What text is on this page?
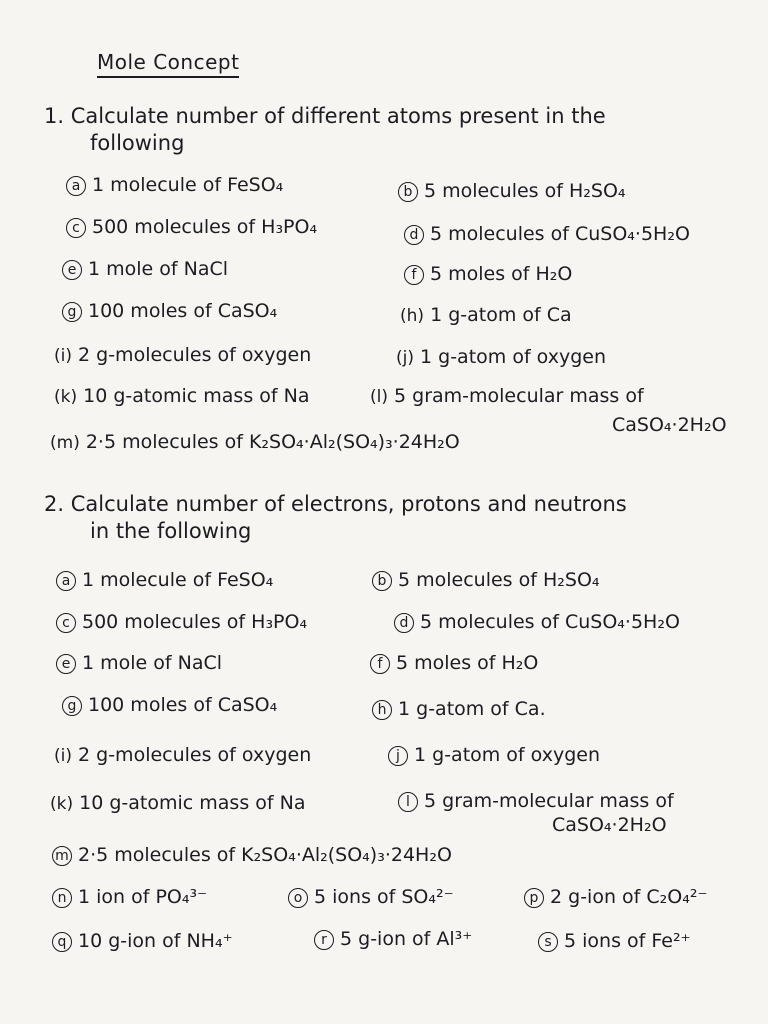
Mole Concept
1. Calculate number of different atoms present in the
following
a 1 molecule of FeSO₄	b 5 molecules of H₂SO₄
c 500 molecules of H₃PO₄	d 5 molecules of CuSO₄·5H₂O
e 1 mole of NaCl	f 5 moles of H₂O
g 100 moles of CaSO₄	(h) 1 g-atom of Ca
(i) 2 g-molecules of oxygen	(j) 1 g-atom of oxygen
(k) 10 g-atomic mass of Na	(l) 5 gram-molecular mass of
CaSO₄·2H₂O
(m) 2·5 molecules of K₂SO₄·Al₂(SO₄)₃·24H₂O
2. Calculate number of electrons, protons and neutrons
in the following
a 1 molecule of FeSO₄	b 5 molecules of H₂SO₄
c 500 molecules of H₃PO₄	d 5 molecules of CuSO₄·5H₂O
e 1 mole of NaCl	f 5 moles of H₂O
g 100 moles of CaSO₄	h 1 g-atom of Ca.
(i) 2 g-molecules of oxygen	j 1 g-atom of oxygen
(k) 10 g-atomic mass of Na	l 5 gram-molecular mass of
CaSO₄·2H₂O
m 2·5 molecules of K₂SO₄·Al₂(SO₄)₃·24H₂O
n 1 ion of PO₄³⁻	o 5 ions of SO₄²⁻	p 2 g-ion of C₂O₄²⁻
q 10 g-ion of NH₄⁺	r 5 g-ion of Al³⁺	s 5 ions of Fe²⁺
